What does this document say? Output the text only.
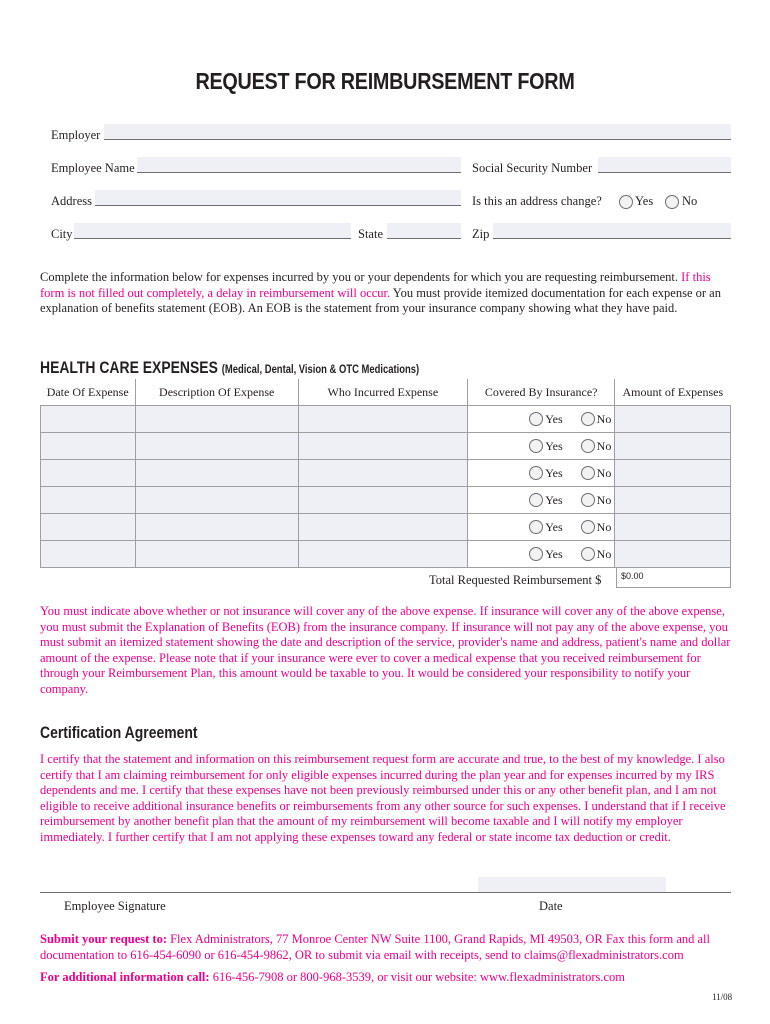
REQUEST FOR REIMBURSEMENT FORM
Employer
Employee Name	Social Security Number
Address	Is this an address change?	Yes No
City	State	Zip
Complete the information below for expenses incurred by you or your dependents for which you are requesting reimbursement. If this form is not filled out completely, a delay in reimbursement will occur. You must provide itemized documentation for each expense or an explanation of benefits statement (EOB). An EOB is the statement from your insurance company showing what they have paid.
HEALTH CARE EXPENSES (Medical, Dental, Vision & OTC Medications)
Date Of Expense	Description Of Expense	Who Incurred Expense	Covered By Insurance?	Amount of Expenses

			Yes No	

			Yes No	

			Yes No	

			Yes No	

			Yes No	

			Yes No	

Total Requested Reimbursement $	$0.00
You must indicate above whether or not insurance will cover any of the above expense. If insurance will cover any of the above expense, you must submit the Explanation of Benefits (EOB) from the insurance company. If insurance will not pay any of the above expense, you must submit an itemized statement showing the date and description of the service, provider's name and address, patient's name and dollar amount of the expense. Please note that if your insurance were ever to cover a medical expense that you received reimbursement for through your Reimbursement Plan, this amount would be taxable to you. It would be considered your responsibility to notify your company.
Certification Agreement
I certify that the statement and information on this reimbursement request form are accurate and true, to the best of my knowledge. I also certify that I am claiming reimbursement for only eligible expenses incurred during the plan year and for expenses incurred by my IRS dependents and me. I certify that these expenses have not been previously reimbursed under this or any other benefit plan, and I am not eligible to receive additional insurance benefits or reimbursements from any other source for such expenses. I understand that if I receive reimbursement by another benefit plan that the amount of my reimbursement will become taxable and I will notify my employer immediately. I further certify that I am not applying these expenses toward any federal or state income tax deduction or credit.
Employee Signature	Date
Submit your request to: Flex Administrators, 77 Monroe Center NW Suite 1100, Grand Rapids, MI 49503, OR Fax this form and all documentation to 616-454-6090 or 616-454-9862, OR to submit via email with receipts, send to claims@flexadministrators.com
For additional information call: 616-456-7908 or 800-968-3539, or visit our website: www.flexadministrators.com
11/08
